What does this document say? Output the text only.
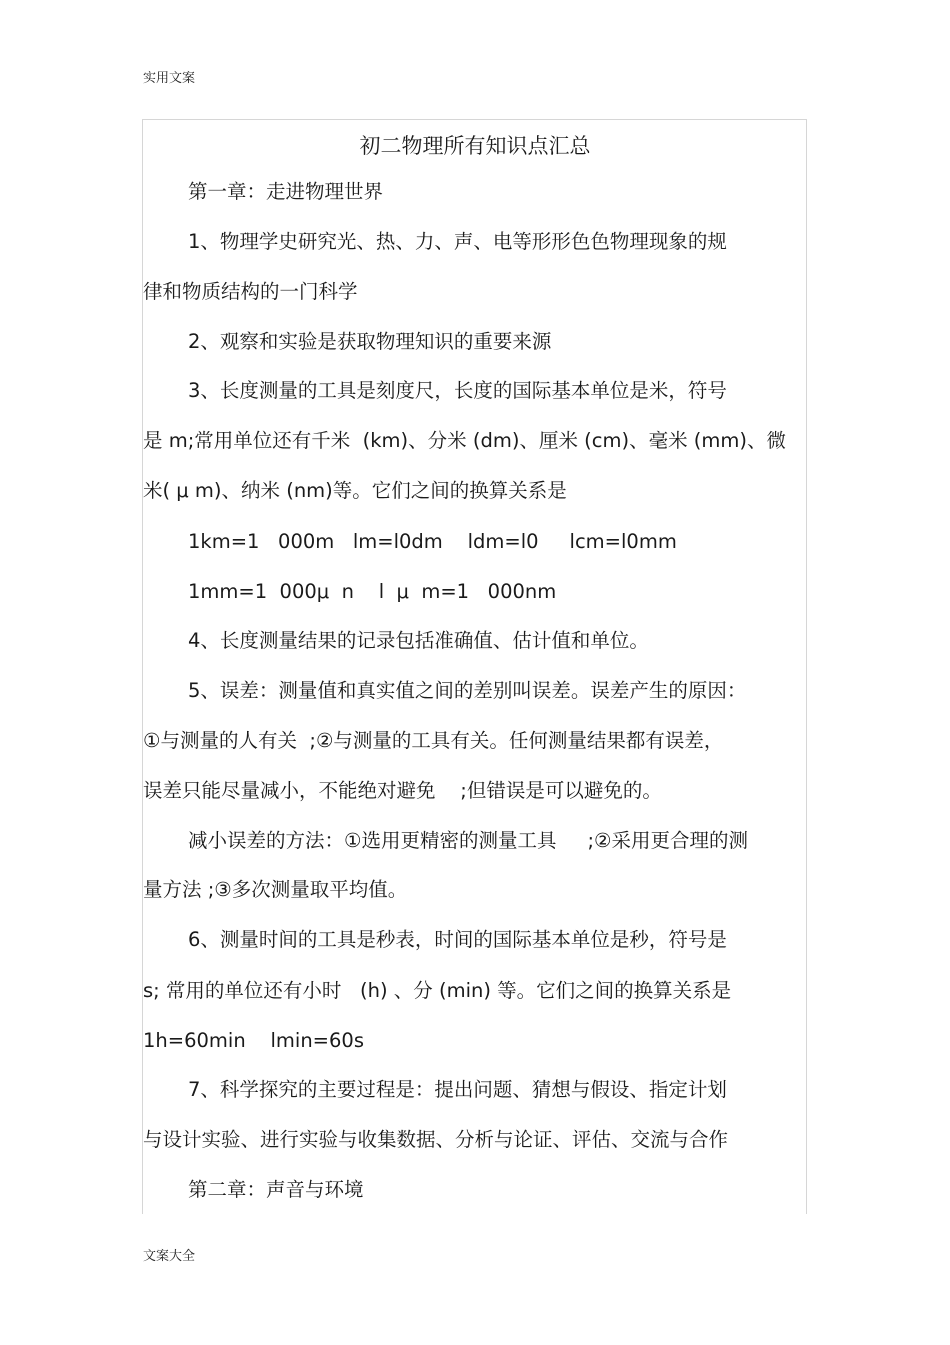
实用文案
初二物理所有知识点汇总
第一章：走进物理世界
1、物理学史研究光、热、力、声、电等形形色色物理现象的规
律和物质结构的一门科学
2、观察和实验是获取物理知识的重要来源
3、长度测量的工具是刻度尺，长度的国际基本单位是米，符号
是 m;常用单位还有千米  (km)、分米 (dm)、厘米 (cm)、毫米 (mm)、微
米( μ m)、纳米 (nm)等。它们之间的换算关系是
1km=1   000m   lm=l0dm    ldm=l0     lcm=l0mm
1mm=1  000μ  n    l  μ  m=1   000nm
4、长度测量结果的记录包括准确值、估计值和单位。
5、误差：测量值和真实值之间的差别叫误差。误差产生的原因：
①与测量的人有关  ;②与测量的工具有关。任何测量结果都有误差，
误差只能尽量减小，不能绝对避免    ;但错误是可以避免的。
减小误差的方法：①选用更精密的测量工具     ;②采用更合理的测
量方法 ;③多次测量取平均值。
6、测量时间的工具是秒表，时间的国际基本单位是秒，符号是
s; 常用的单位还有小时   (h) 、分 (min) 等。它们之间的换算关系是
1h=60min    lmin=60s
7、科学探究的主要过程是：提出问题、猜想与假设、指定计划
与设计实验、进行实验与收集数据、分析与论证、评估、交流与合作
第二章：声音与环境
文案大全
